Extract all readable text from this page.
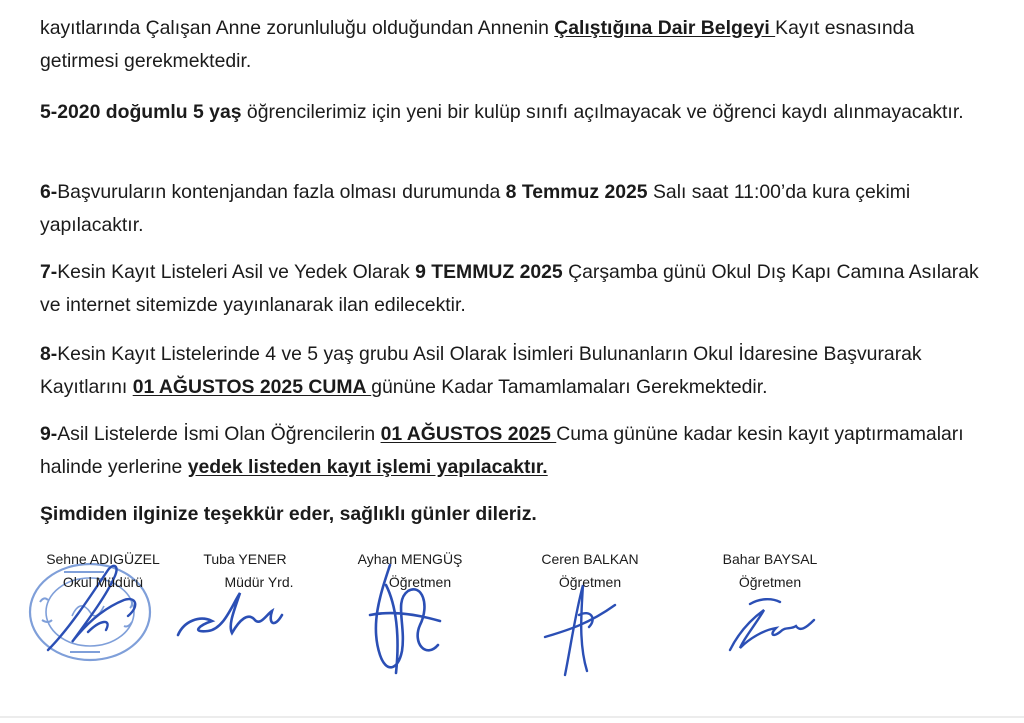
kayıtlarında Çalışan Anne zorunluluğu olduğundan Annenin Çalıştığına Dair Belgeyi Kayıt esnasında getirmesi gerekmektedir.

5-2020 doğumlu 5 yaş öğrencilerimiz için yeni bir kulüp sınıfı açılmayacak ve öğrenci kaydı alınmayacaktır.

6-Başvuruların kontenjandan fazla olması durumunda 8 Temmuz 2025 Salı saat 11:00’da kura çekimi yapılacaktır.

7-Kesin Kayıt Listeleri Asil ve Yedek Olarak 9 TEMMUZ 2025 Çarşamba günü Okul Dış Kapı Camına Asılarak ve internet sitemizde yayınlanarak ilan edilecektir.

8-Kesin Kayıt Listelerinde 4 ve 5 yaş grubu Asil Olarak İsimleri Bulunanların Okul İdaresine Başvurarak Kayıtlarını 01 AĞUSTOS 2025 CUMA gününe Kadar Tamamlamaları Gerekmektedir.

9-Asil Listelerde İsmi Olan Öğrencilerin 01 AĞUSTOS 2025 Cuma gününe kadar kesin kayıt yaptırmamaları halinde yerlerine yedek listeden kayıt işlemi yapılacaktır.

Şimdiden ilginize teşekkür eder, sağlıklı günler dileriz.
Sehne ADIGÜZEL
Okul Müdürü
Tuba YENER
Müdür Yrd.
Ayhan MENGÜŞ
Öğretmen
Ceren BALKAN
Öğretmen
Bahar BAYSAL
Öğretmen
